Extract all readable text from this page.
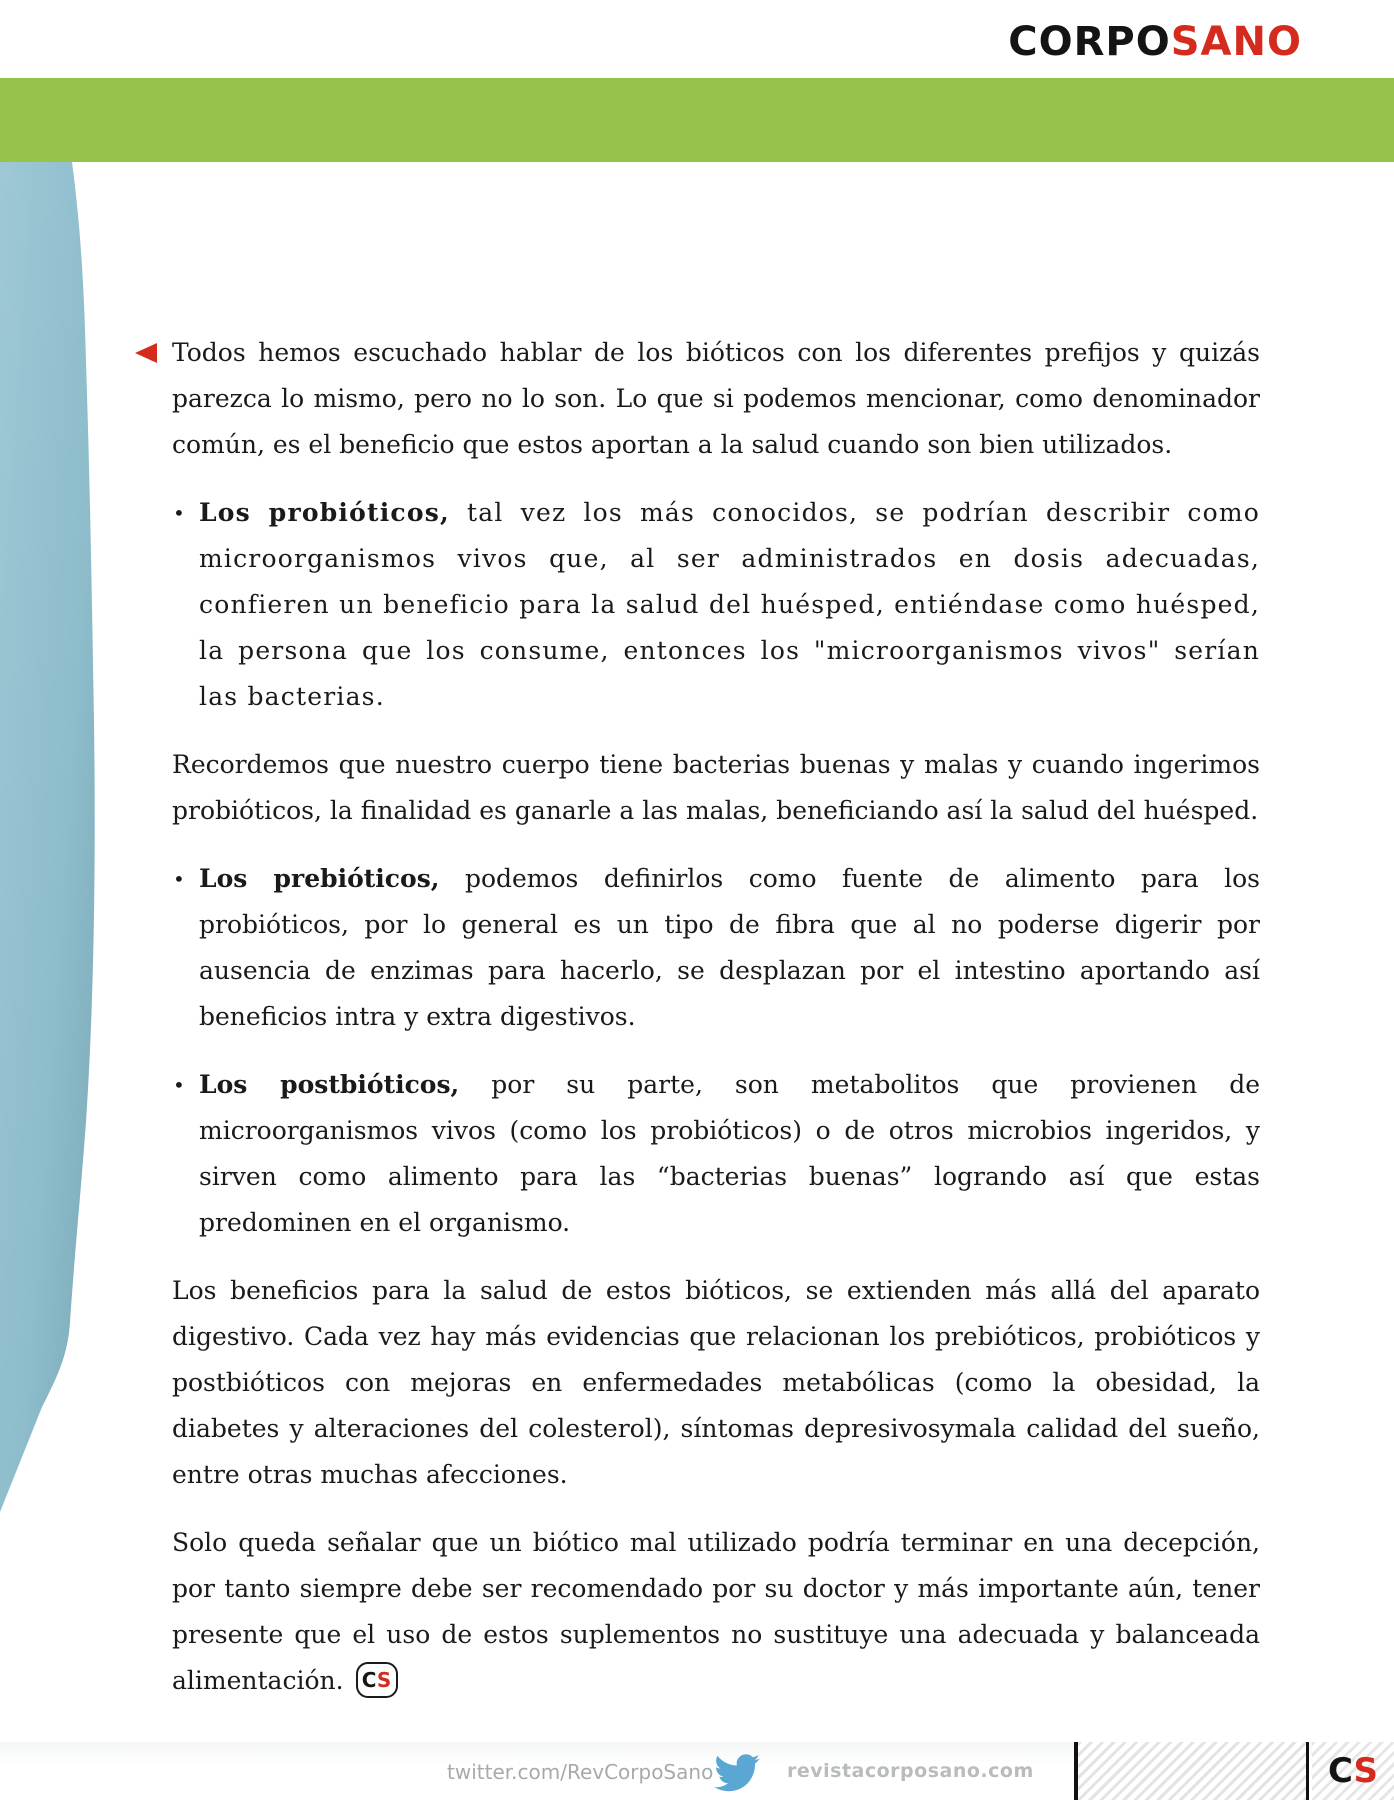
CORPOSANO

Todos hemos escuchado hablar de los bióticos con los diferentes prefijos y quizás parezca lo mismo, pero no lo son. Lo que si podemos mencionar, como denominador común, es el beneficio que estos aportan a la salud cuando son bien utilizados.

• Los probióticos, tal vez los más conocidos, se podrían describir como microorganismos vivos que, al ser administrados en dosis adecuadas, confieren un beneficio para la salud del huésped, entiéndase como huésped, la persona que los consume, entonces los "microorganismos vivos" serían las bacterias.

Recordemos que nuestro cuerpo tiene bacterias buenas y malas y cuando ingerimos probióticos, la finalidad es ganarle a las malas, beneficiando así la salud del huésped.

• Los prebióticos, podemos definirlos como fuente de alimento para los probióticos, por lo general es un tipo de fibra que al no poderse digerir por ausencia de enzimas para hacerlo, se desplazan por el intestino aportando así beneficios intra y extra digestivos.
• Los postbióticos, por su parte, son metabolitos que provienen de microorganismos vivos (como los probióticos) o de otros microbios ingeridos, y sirven como alimento para las “bacterias buenas” logrando así que estas predominen en el organismo.

Los beneficios para la salud de estos bióticos, se extienden más allá del aparato digestivo. Cada vez hay más evidencias que relacionan los prebióticos, probióticos y postbióticos con mejoras en enfermedades metabólicas (como la obesidad, la diabetes y alteraciones del colesterol), síntomas depresivosymala calidad del sueño, entre otras muchas afecciones.

Solo queda señalar que un biótico mal utilizado podría terminar en una decepción, por tanto siempre debe ser recomendado por su doctor y más importante aún, tener presente que el uso de estos suplementos no sustituye una adecuada y balanceada alimentación. CS

twitter.com/RevCorpoSano	revistacorposano.com	CS
